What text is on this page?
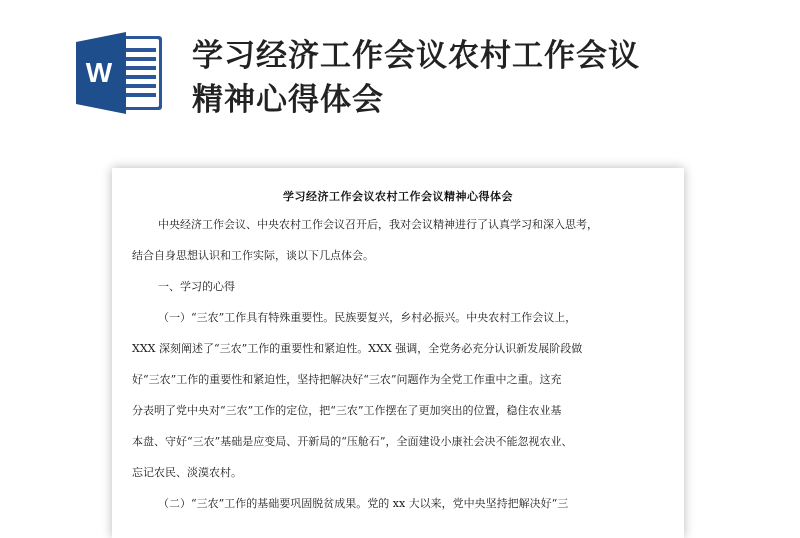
W	学习经济工作会议农村工作会议
精神心得体会
学习经济工作会议农村工作会议精神心得体会
中央经济工作会议、中央农村工作会议召开后，我对会议精神进行了认真学习和深入思考，
结合自身思想认识和工作实际，谈以下几点体会。
一、学习的心得
（一）“三农”工作具有特殊重要性。民族要复兴，乡村必振兴。中央农村工作会议上，
XXX 深刻阐述了“三农”工作的重要性和紧迫性。XXX 强调，全党务必充分认识新发展阶段做
好“三农”工作的重要性和紧迫性，坚持把解决好“三农”问题作为全党工作重中之重。这充
分表明了党中央对“三农”工作的定位，把“三农”工作摆在了更加突出的位置，稳住农业基
本盘、守好“三农”基础是应变局、开新局的“压舱石”，全面建设小康社会决不能忽视农业、
忘记农民、淡漠农村。
（二）“三农”工作的基础要巩固脱贫成果。党的 xx 大以来，党中央坚持把解决好“三
